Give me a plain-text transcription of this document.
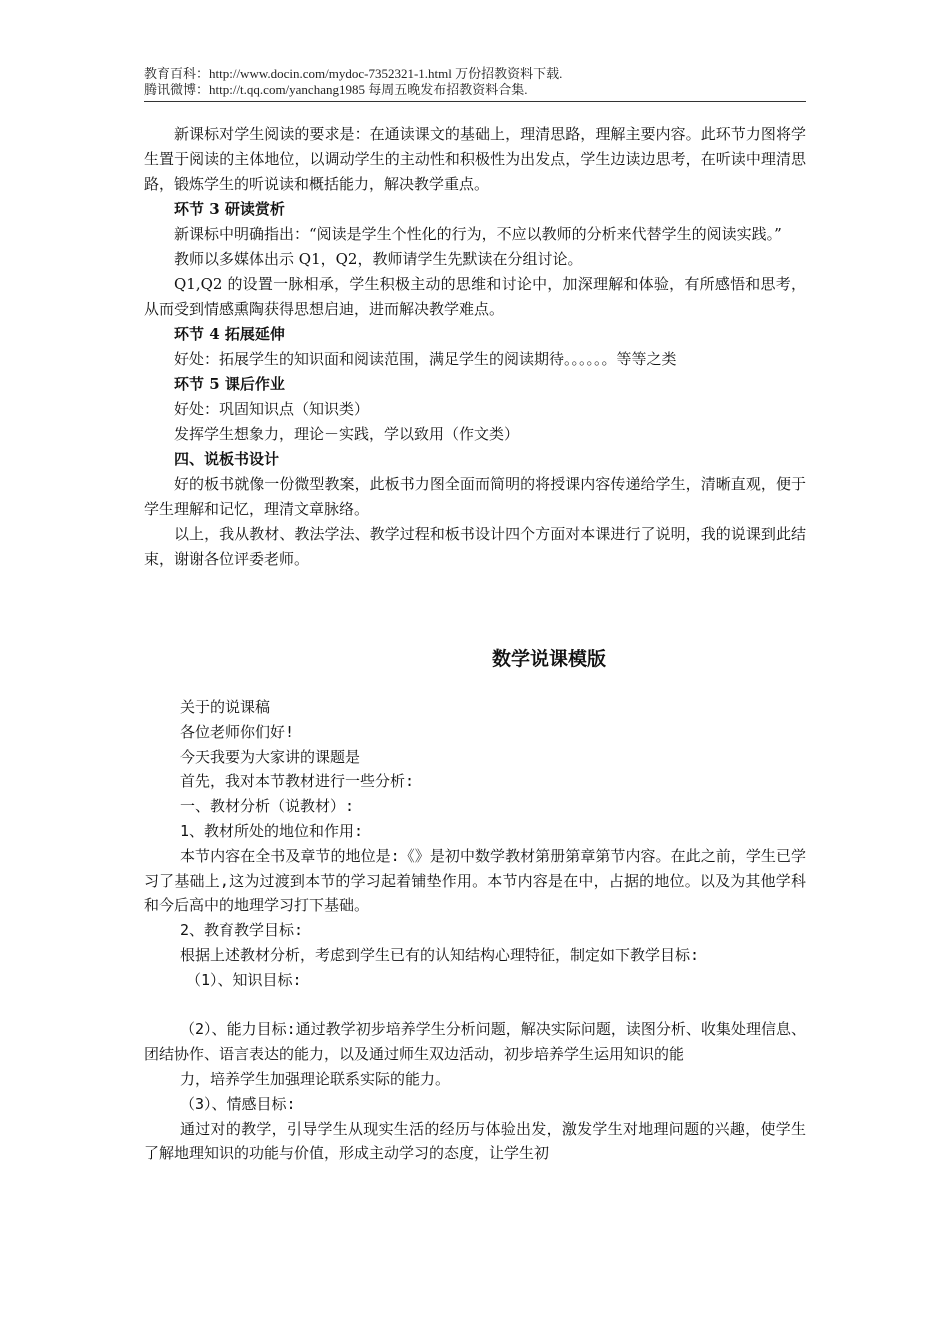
教育百科：http://www.docin.com/mydoc-7352321-1.html 万份招教资料下载.
腾讯微博：http://t.qq.com/yanchang1985 每周五晚发布招教资料合集.

新课标对学生阅读的要求是：在通读课文的基础上，理清思路，理解主要内容。此环节力图将学生置于阅读的主体地位，以调动学生的主动性和积极性为出发点，学生边读边思考，在听读中理清思路，锻炼学生的听说读和概括能力，解决教学重点。

环节 3 研读赏析

新课标中明确指出：“阅读是学生个性化的行为，不应以教师的分析来代替学生的阅读实践。”

教师以多媒体出示 Q1，Q2，教师请学生先默读在分组讨论。

Q1,Q2 的设置一脉相承，学生积极主动的思维和讨论中，加深理解和体验，有所感悟和思考，从而受到情感熏陶获得思想启迪，进而解决教学难点。

环节 4 拓展延伸

好处：拓展学生的知识面和阅读范围，满足学生的阅读期待。。。。。。等等之类

环节 5 课后作业

好处：巩固知识点（知识类）

发挥学生想象力，理论－实践，学以致用（作文类）

四、说板书设计

好的板书就像一份微型教案，此板书力图全面而简明的将授课内容传递给学生，清晰直观，便于学生理解和记忆，理清文章脉络。

以上，我从教材、教法学法、教学过程和板书设计四个方面对本课进行了说明，我的说课到此结束，谢谢各位评委老师。

数学说课模版

关于的说课稿

各位老师你们好!

今天我要为大家讲的课题是

首先，我对本节教材进行一些分析:

一、教材分析（说教材）:

1、教材所处的地位和作用:

本节内容在全书及章节的地位是:《》是初中数学教材第册第章第节内容。在此之前，学生已学习了基础上,这为过渡到本节的学习起着铺垫作用。本节内容是在中，占据的地位。以及为其他学科和今后高中的地理学习打下基础。

2、教育教学目标:

根据上述教材分析，考虑到学生已有的认知结构心理特征，制定如下教学目标:

（1）、知识目标:

（2）、能力目标:通过教学初步培养学生分析问题，解决实际问题，读图分析、收集处理信息、团结协作、语言表达的能力，以及通过师生双边活动，初步培养学生运用知识的能

力，培养学生加强理论联系实际的能力。

（3）、情感目标:

通过对的教学，引导学生从现实生活的经历与体验出发，激发学生对地理问题的兴趣，使学生了解地理知识的功能与价值，形成主动学习的态度，让学生初
